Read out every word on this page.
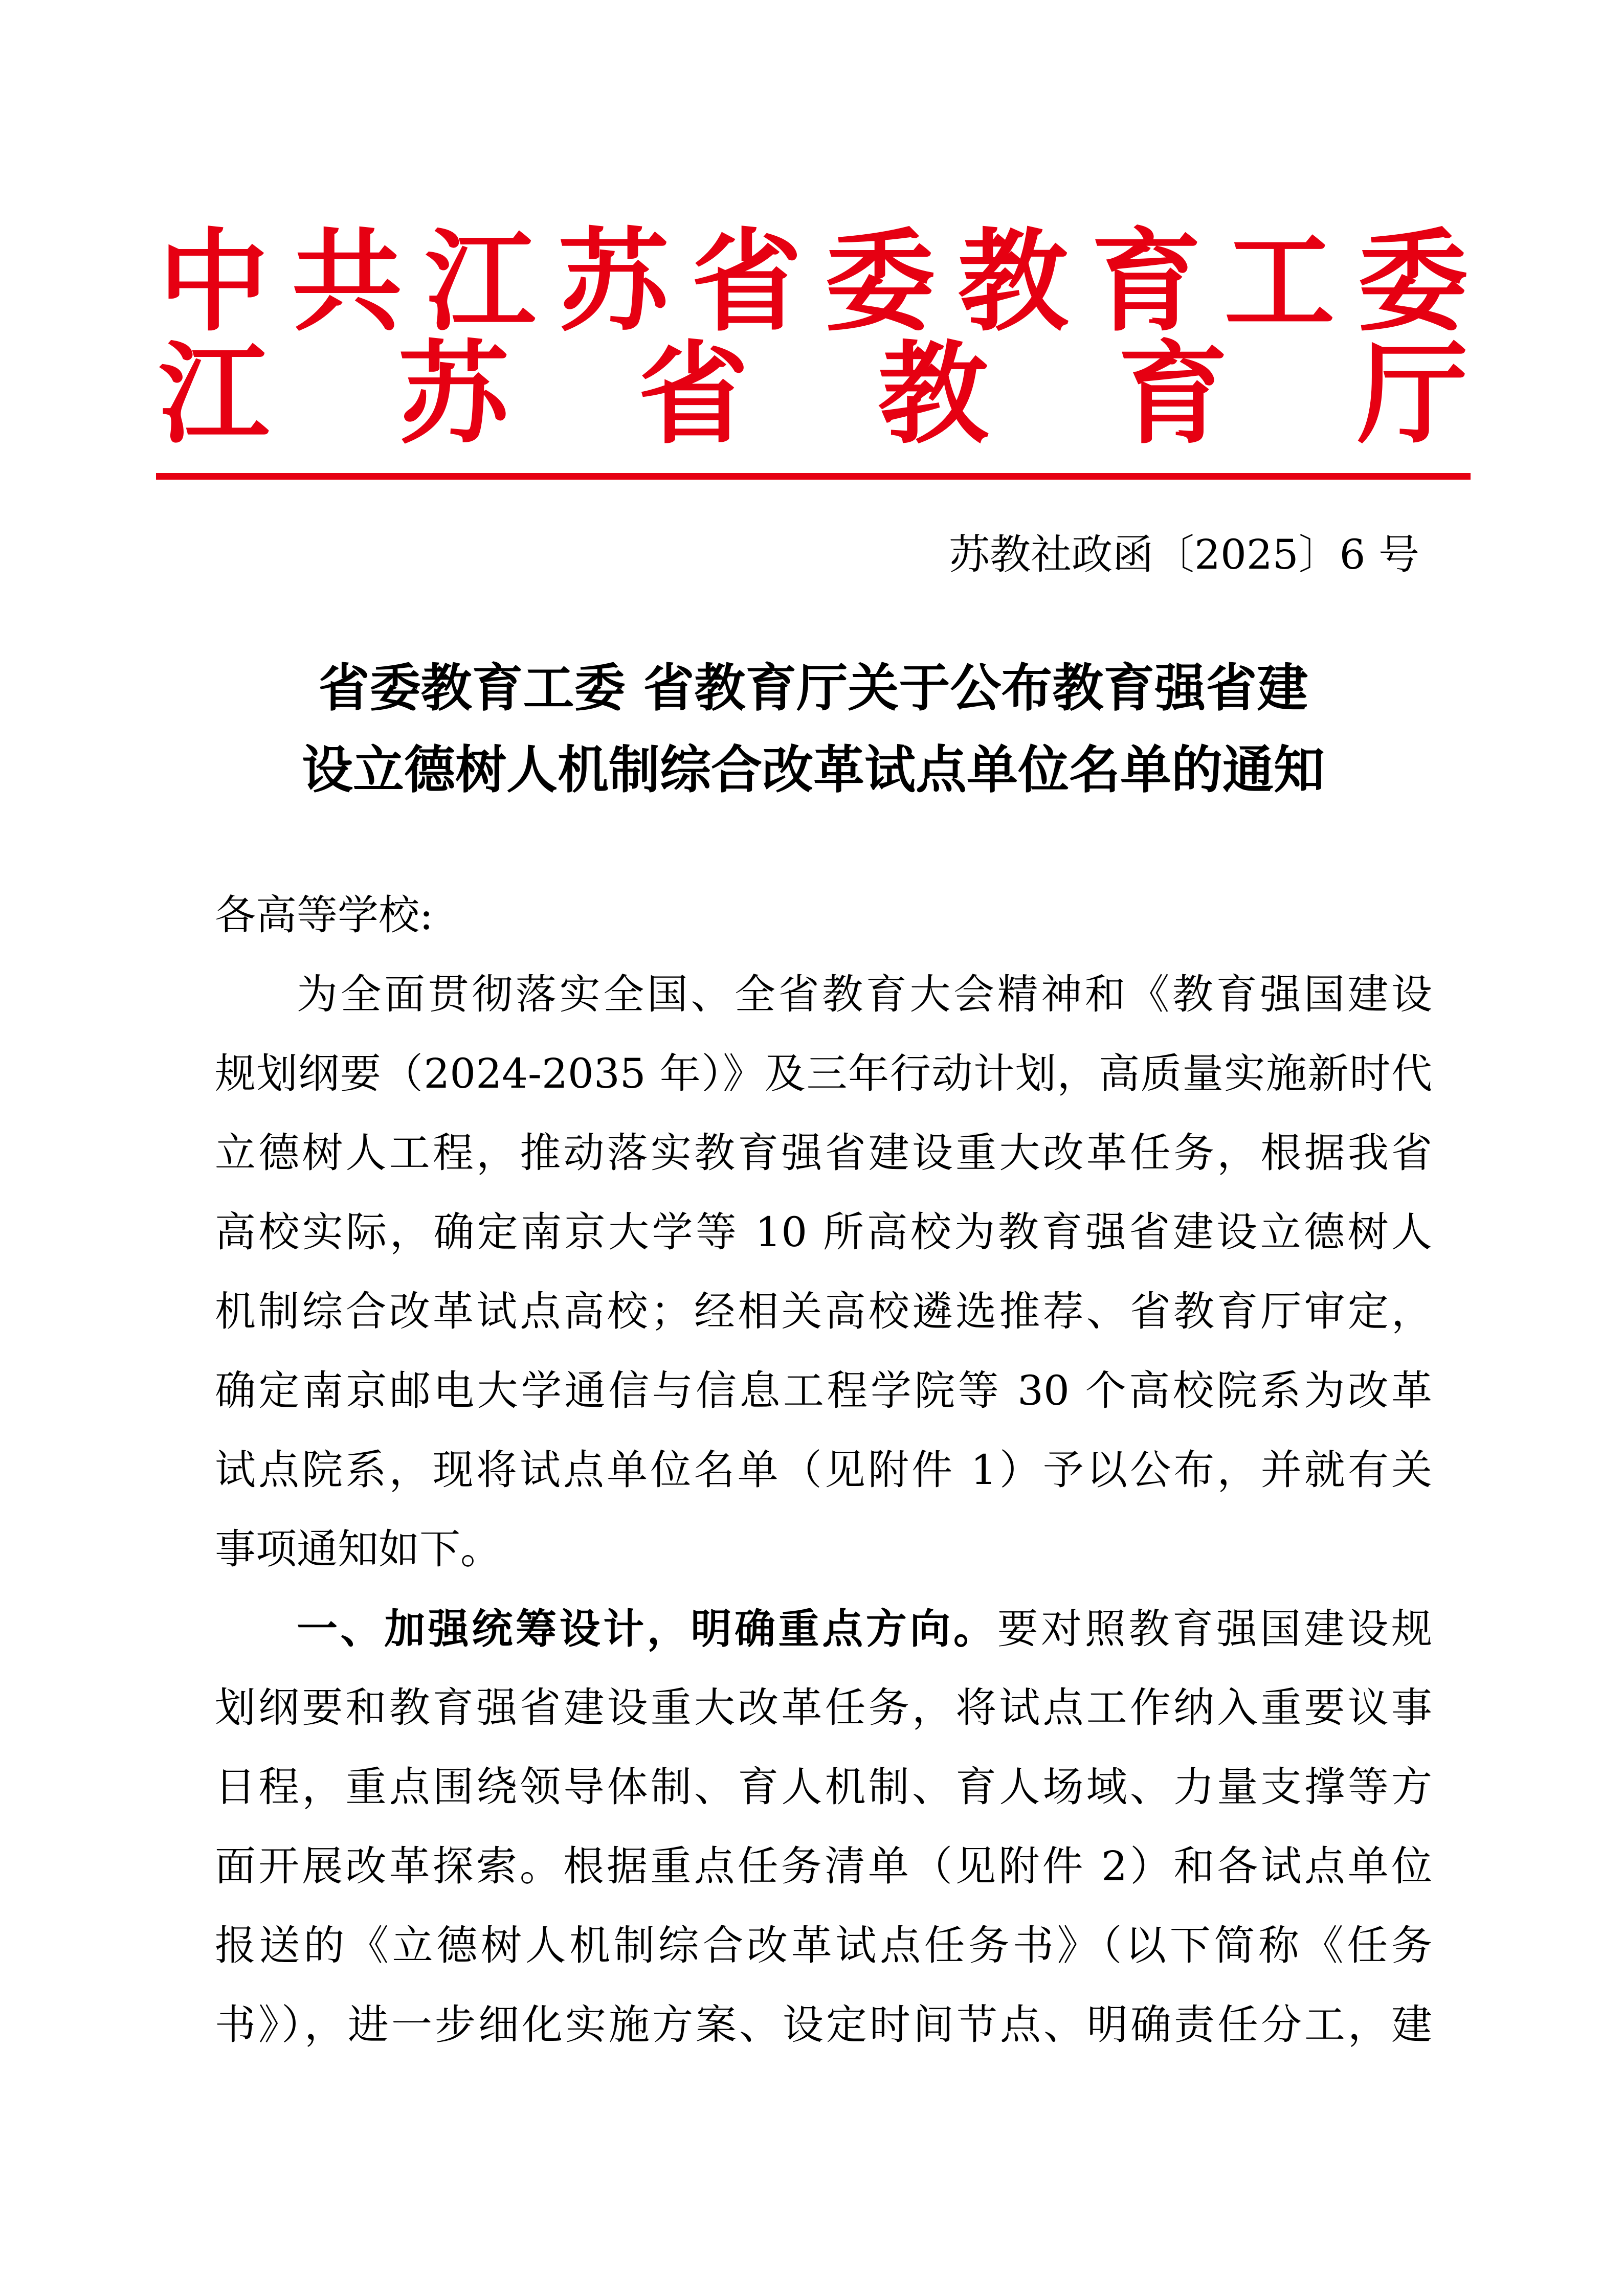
中 共 江 苏 省 委 教 育 工 委
江 苏 省 教 育 厅
苏教社政函〔2025〕6 号
省委教育工委 省教育厅关于公布教育强省建
设立德树人机制综合改革试点单位名单的通知
各高等学校:
为全面贯彻落实全国、全省教育大会精神和《教育强国建设
规划纲要（2024-2035 年）》及三年行动计划，高质量实施新时代
立德树人工程，推动落实教育强省建设重大改革任务，根据我省
高校实际，确定南京大学等 10 所高校为教育强省建设立德树人
机制综合改革试点高校；经相关高校遴选推荐、省教育厅审定，
确定南京邮电大学通信与信息工程学院等 30 个高校院系为改革
试点院系，现将试点单位名单（见附件 1）予以公布，并就有关
事项通知如下。
一、加强统筹设计，明确重点方向。要对照教育强国建设规
划纲要和教育强省建设重大改革任务，将试点工作纳入重要议事
日程，重点围绕领导体制、育人机制、育人场域、力量支撑等方
面开展改革探索。根据重点任务清单（见附件 2）和各试点单位
报送的《立德树人机制综合改革试点任务书》（以下简称《任务
书》），进一步细化实施方案、设定时间节点、明确责任分工，建
